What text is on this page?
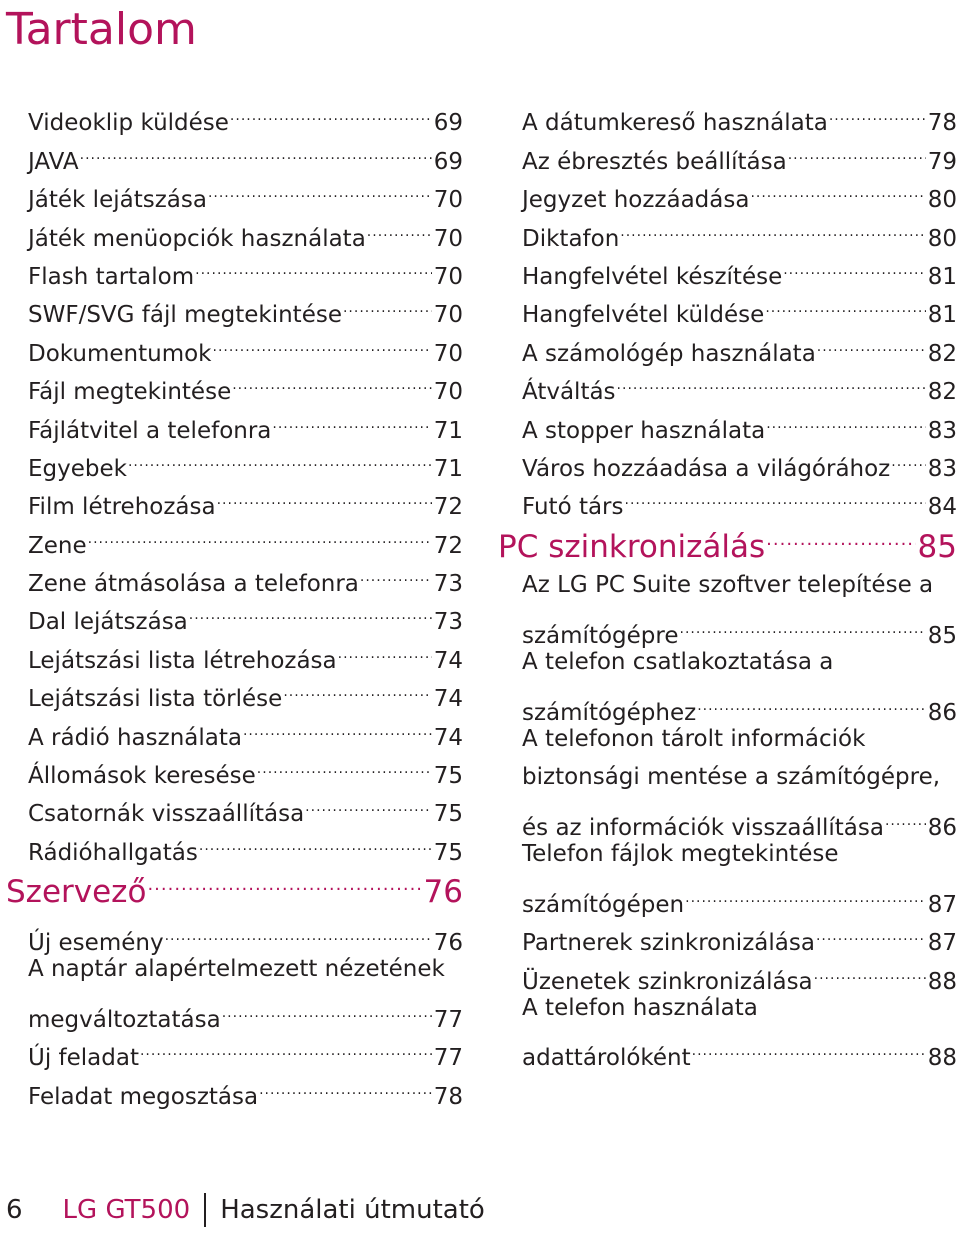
Tartalom
Videoklip küldése .....	69
JAVA .....	69
Játék lejátszása .....	70
Játék menüopciók használata .....	70
Flash tartalom .....	70
SWF/SVG fájl megtekintése .....	70
Dokumentumok .....	70
Fájl megtekintése .....	70
Fájlátvitel a telefonra .....	71
Egyebek .....	71
Film létrehozása .....	72
Zene .....	72
Zene átmásolása a telefonra .....	73
Dal lejátszása .....	73
Lejátszási lista létrehozása .....	74
Lejátszási lista törlése .....	74
A rádió használata .....	74
Állomások keresése .....	75
Csatornák visszaállítása .....	75
Rádióhallgatás .....	75
Szervező .....	76
Új esemény .....	76
A naptár alapértelmezett nézetének
megváltoztatása .....	77
Új feladat .....	77
Feladat megosztása .....	78
A dátumkereső használata .....	78
Az ébresztés beállítása .....	79
Jegyzet hozzáadása .....	80
Diktafon .....	80
Hangfelvétel készítése .....	81
Hangfelvétel küldése .....	81
A számológép használata .....	82
Átváltás .....	82
A stopper használata .....	83
Város hozzáadása a világórához ..... 83
Futó társ .....	84
PC szinkronizálás .....	85
Az LG PC Suite szoftver telepítése a
számítógépre .....	85
A telefon csatlakoztatása a
számítógéphez .....	86
A telefonon tárolt információk
biztonsági mentése a számítógépre,
és az információk visszaállítása ..... 86
Telefon fájlok megtekintése
számítógépen .....	87
Partnerek szinkronizálása .....	87
Üzenetek szinkronizálása .....	88
A telefon használata
adattárolóként .....	88
6 LG GT500 Használati útmutató
